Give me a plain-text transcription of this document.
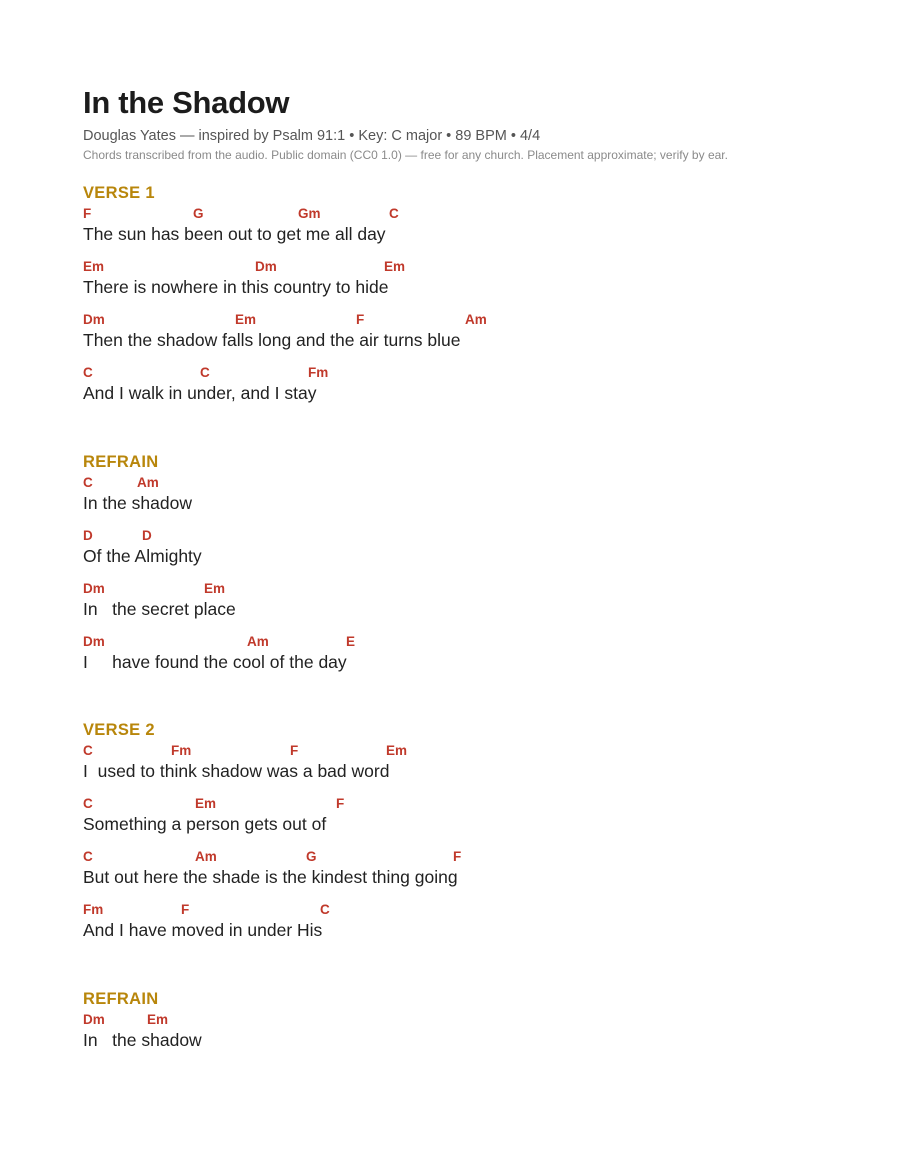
In the Shadow
Douglas Yates — inspired by Psalm 91:1 • Key: C major • 89 BPM • 4/4
Chords transcribed from the audio. Public domain (CC0 1.0) — free for any church. Placement approximate; verify by ear.
VERSE 1
F	G	Gm	C
The sun has been out to get me all day
Em	Dm	Em
There is nowhere in this country to hide
Dm	Em	F	Am
Then the shadow falls long and the air turns blue
C	C	Fm
And I walk in under, and I stay
REFRAIN
C	Am
In the shadow
D	D
Of the Almighty
Dm	Em
In   the secret place
Dm	Am	E
I     have found the cool of the day
VERSE 2
C	Fm	F	Em
I  used to think shadow was a bad word
C	Em	F
Something a person gets out of
C	Am	G	F
But out here the shade is the kindest thing going
Fm	F	C
And I have moved in under His
REFRAIN
Dm	Em
In   the shadow
